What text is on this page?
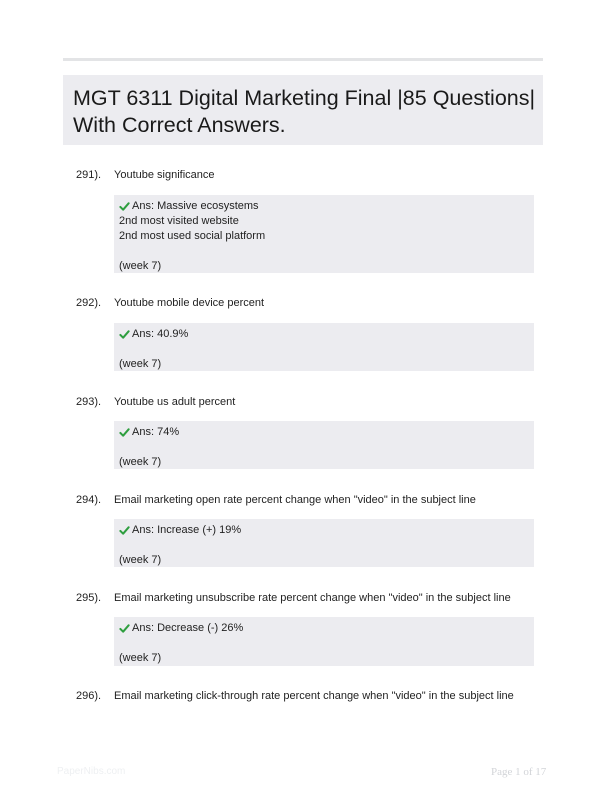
MGT 6311 Digital Marketing Final |85 Questions|
With Correct Answers.
291). Youtube significance
Ans:
Massive ecosystems
2nd most visited website
2nd most used social platform
(week 7)
292). Youtube mobile device percent
Ans:
40.9%
(week 7)
293). Youtube us adult percent
Ans:
74%
(week 7)
294). Email marketing open rate percent change when "video" in the subject line
Ans:
Increase (+) 19%
(week 7)
295). Email marketing unsubscribe rate percent change when "video" in the subject line
Ans:
Decrease (-) 26%
(week 7)
296). Email marketing click-through rate percent change when "video" in the subject line
PaperNibs.com	Page 1 of 17
